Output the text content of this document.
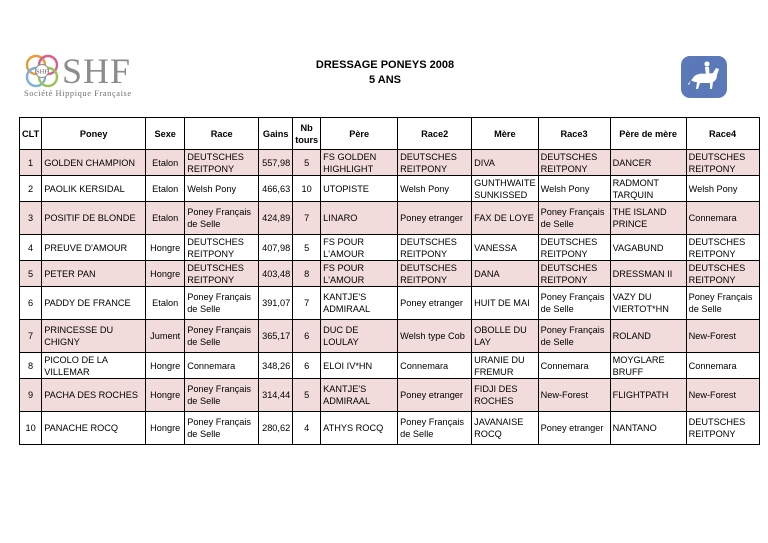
SHF SHF
Société Hippique Française
DRESSAGE PONEYS 2008
5 ANS
CLT	Poney	Sexe	Race	Gains	Nb tours	Père	Race2	Mère	Race3	Père de mère	Race4
1	GOLDEN CHAMPION	Etalon	DEUTSCHES REITPONY	557,98	5	FS GOLDEN HIGHLIGHT	DEUTSCHES REITPONY	DIVA	DEUTSCHES REITPONY	DANCER	DEUTSCHES REITPONY
2	PAOLIK KERSIDAL	Etalon	Welsh Pony	466,63	10	UTOPISTE	Welsh Pony	GUNTHWAITE SUNKISSED	Welsh Pony	RADMONT TARQUIN	Welsh Pony
3	POSITIF DE BLONDE	Etalon	Poney Français de Selle	424,89	7	LINARO	Poney etranger	FAX DE LOYE	Poney Français de Selle	THE ISLAND PRINCE	Connemara
4	PREUVE D'AMOUR	Hongre	DEUTSCHES REITPONY	407,98	5	FS POUR L'AMOUR	DEUTSCHES REITPONY	VANESSA	DEUTSCHES REITPONY	VAGABUND	DEUTSCHES REITPONY
5	PETER PAN	Hongre	DEUTSCHES REITPONY	403,48	8	FS POUR L'AMOUR	DEUTSCHES REITPONY	DANA	DEUTSCHES REITPONY	DRESSMAN II	DEUTSCHES REITPONY
6	PADDY DE FRANCE	Etalon	Poney Français de Selle	391,07	7	KANTJE'S ADMIRAAL	Poney etranger	HUIT DE MAI	Poney Français de Selle	VAZY DU VIERTOT*HN	Poney Français de Selle
7	PRINCESSE DU CHIGNY	Jument	Poney Français de Selle	365,17	6	DUC DE LOULAY	Welsh type Cob	OBOLLE DU LAY	Poney Français de Selle	ROLAND	New-Forest
8	PICOLO DE LA VILLEMAR	Hongre	Connemara	348,26	6	ELOI IV*HN	Connemara	URANIE DU FREMUR	Connemara	MOYGLARE BRUFF	Connemara
9	PACHA DES ROCHES	Hongre	Poney Français de Selle	314,44	5	KANTJE'S ADMIRAAL	Poney etranger	FIDJI DES ROCHES	New-Forest	FLIGHTPATH	New-Forest
10	PANACHE ROCQ	Hongre	Poney Français de Selle	280,62	4	ATHYS ROCQ	Poney Français de Selle	JAVANAISE ROCQ	Poney etranger	NANTANO	DEUTSCHES REITPONY
